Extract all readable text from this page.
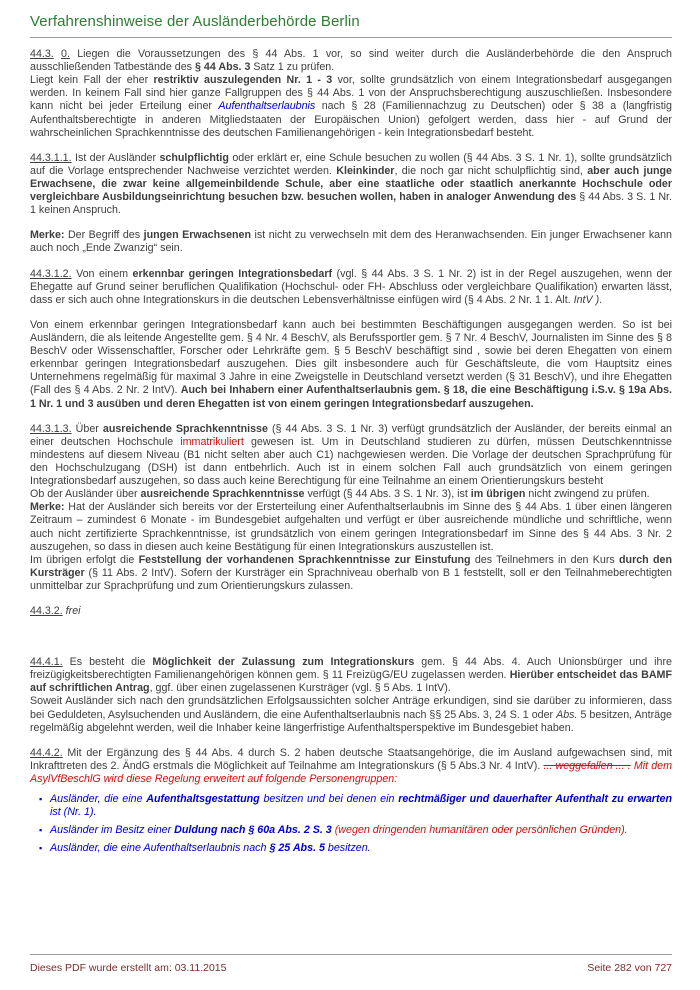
Verfahrenshinweise der Ausländerbehörde Berlin

44.3. 0. Liegen die Voraussetzungen des § 44 Abs. 1 vor, so sind weiter durch die Ausländerbehörde die den Anspruch ausschließenden Tatbestände des § 44 Abs. 3 Satz 1 zu prüfen.
Liegt kein Fall der eher restriktiv auszulegenden Nr. 1 - 3 vor, sollte grundsätzlich von einem Integrationsbedarf ausgegangen werden. In keinem Fall sind hier ganze Fallgruppen des § 44 Abs. 1 von der Anspruchsberechtigung auszuschließen. Insbesondere kann nicht bei jeder Erteilung einer Aufenthaltserlaubnis nach § 28 (Familiennachzug zu Deutschen) oder § 38 a (langfristig Aufenthaltsberechtigte in anderen Mitgliedstaaten der Europäischen Union) gefolgert werden, dass hier - auf Grund der wahrscheinlichen Sprachkenntnisse des deutschen Familienangehörigen - kein Integrationsbedarf besteht.

44.3.1.1. Ist der Ausländer schulpflichtig oder erklärt er, eine Schule besuchen zu wollen (§ 44 Abs. 3 S. 1 Nr. 1), sollte grundsätzlich auf die Vorlage entsprechender Nachweise verzichtet werden. Kleinkinder, die noch gar nicht schulpflichtig sind, aber auch junge Erwachsene, die zwar keine allgemeinbildende Schule, aber eine staatliche oder staatlich anerkannte Hochschule oder vergleichbare Ausbildungseinrichtung besuchen bzw. besuchen wollen, haben in analoger Anwendung des § 44 Abs. 3 S. 1 Nr. 1 keinen Anspruch.

Merke: Der Begriff des jungen Erwachsenen ist nicht zu verwechseln mit dem des Heranwachsenden. Ein junger Erwachsener kann auch noch „Ende Zwanzig“ sein.

44.3.1.2. Von einem erkennbar geringen Integrationsbedarf (vgl. § 44 Abs. 3 S. 1 Nr. 2) ist in der Regel auszugehen, wenn der Ehegatte auf Grund seiner beruflichen Qualifikation (Hochschul- oder FH- Abschluss oder vergleichbare Qualifikation) erwarten lässt, dass er sich auch ohne Integrationskurs in die deutschen Lebensverhältnisse einfügen wird (§ 4 Abs. 2 Nr. 1 1. Alt. IntV ).

Von einem erkennbar geringen Integrationsbedarf kann auch bei bestimmten Beschäftigungen ausgegangen werden. So ist bei Ausländern, die als leitende Angestellte gem. § 4 Nr. 4 BeschV, als Berufssportler gem. § 7 Nr. 4 BeschV, Journalisten im Sinne des § 8 BeschV oder Wissenschaftler, Forscher oder Lehrkräfte gem. § 5 BeschV beschäftigt sind , sowie bei deren Ehegatten von einem erkennbar geringen Integrationsbedarf auszugehen. Dies gilt insbesondere auch für Geschäftsleute, die vom Hauptsitz eines Unternehmens regelmäßig für maximal 3 Jahre in eine Zweigstelle in Deutschland versetzt werden (§ 31 BeschV), und ihre Ehegatten (Fall des § 4 Abs. 2 Nr. 2 IntV). Auch bei Inhabern einer Aufenthaltserlaubnis gem. § 18, die eine Beschäftigung i.S.v. § 19a Abs. 1 Nr. 1 und 3 ausüben und deren Ehegatten ist von einem geringen Integrationsbedarf auszugehen.

44.3.1.3. Über ausreichende Sprachkenntnisse (§ 44 Abs. 3 S. 1 Nr. 3) verfügt grundsätzlich der Ausländer, der bereits einmal an einer deutschen Hochschule immatrikuliert gewesen ist. Um in Deutschland studieren zu dürfen, müssen Deutschkenntnisse mindestens auf diesem Niveau (B1 nicht selten aber auch C1) nachgewiesen werden. Die Vorlage der deutschen Sprachprüfung für den Hochschulzugang (DSH) ist dann entbehrlich. Auch ist in einem solchen Fall auch grundsätzlich von einem geringen Integrationsbedarf auszugehen, so dass auch keine Berechtigung für eine Teilnahme an einem Orientierungskurs besteht
Ob der Ausländer über ausreichende Sprachkenntnisse verfügt (§ 44 Abs. 3 S. 1 Nr. 3), ist im übrigen nicht zwingend zu prüfen.
Merke: Hat der Ausländer sich bereits vor der Ersterteilung einer Aufenthaltserlaubnis im Sinne des § 44 Abs. 1 über einen längeren Zeitraum – zumindest 6 Monate - im Bundesgebiet aufgehalten und verfügt er über ausreichende mündliche und schriftliche, wenn auch nicht zertifizierte Sprachkenntnisse, ist grundsätzlich von einem geringen Integrationsbedarf im Sinne des § 44 Abs. 3 Nr. 2 auszugehen, so dass in diesen auch keine Bestätigung für einen Integrationskurs auszustellen ist.
Im übrigen erfolgt die Feststellung der vorhandenen Sprachkenntnisse zur Einstufung des Teilnehmers in den Kurs durch den Kursträger (§ 11 Abs. 2 IntV). Sofern der Kursträger ein Sprachniveau oberhalb von B 1 feststellt, soll er den Teilnahmeberechtigten unmittelbar zur Sprachprüfung und zum Orientierungskurs zulassen.

44.3.2. frei

44.4.1. Es besteht die Möglichkeit der Zulassung zum Integrationskurs gem. § 44 Abs. 4. Auch Unionsbürger und ihre freizügigkeitsberechtigten Familienangehörigen können gem. § 11 FreizügG/EU zugelassen werden. Hierüber entscheidet das BAMF auf schriftlichen Antrag, ggf. über einen zugelassenen Kursträger (vgl. § 5 Abs. 1 IntV).
Soweit Ausländer sich nach den grundsätzlichen Erfolgsaussichten solcher Anträge erkundigen, sind sie darüber zu informieren, dass bei Geduldeten, Asylsuchenden und Ausländern, die eine Aufenthaltserlaubnis nach §§ 25 Abs. 3, 24 S. 1 oder Abs. 5 besitzen, Anträge regelmäßig abgelehnt werden, weil die Inhaber keine längerfristige Aufenthaltsperspektive im Bundesgebiet haben.

44.4.2. Mit der Ergänzung des § 44 Abs. 4 durch S. 2 haben deutsche Staatsangehörige, die im Ausland aufgewachsen sind, mit Inkrafttreten des 2. ÄndG erstmals die Möglichkeit auf Teilnahme am Integrationskurs (§ 5 Abs.3 Nr. 4 IntV). ... weggefallen ... . Mit dem AsylVfBeschlG wird diese Regelung erweitert auf folgende Personengruppen:

▪ Ausländer, die eine Aufenthaltsgestattung besitzen und bei denen ein rechtmäßiger und dauerhafter Aufenthalt zu erwarten ist (Nr. 1).
▪ Ausländer im Besitz einer Duldung nach § 60a Abs. 2 S. 3 (wegen dringenden humanitären oder persönlichen Gründen).
▪ Ausländer, die eine Aufenthaltserlaubnis nach § 25 Abs. 5 besitzen.
Dieses PDF wurde erstellt am: 03.11.2015	Seite 282 von 727
